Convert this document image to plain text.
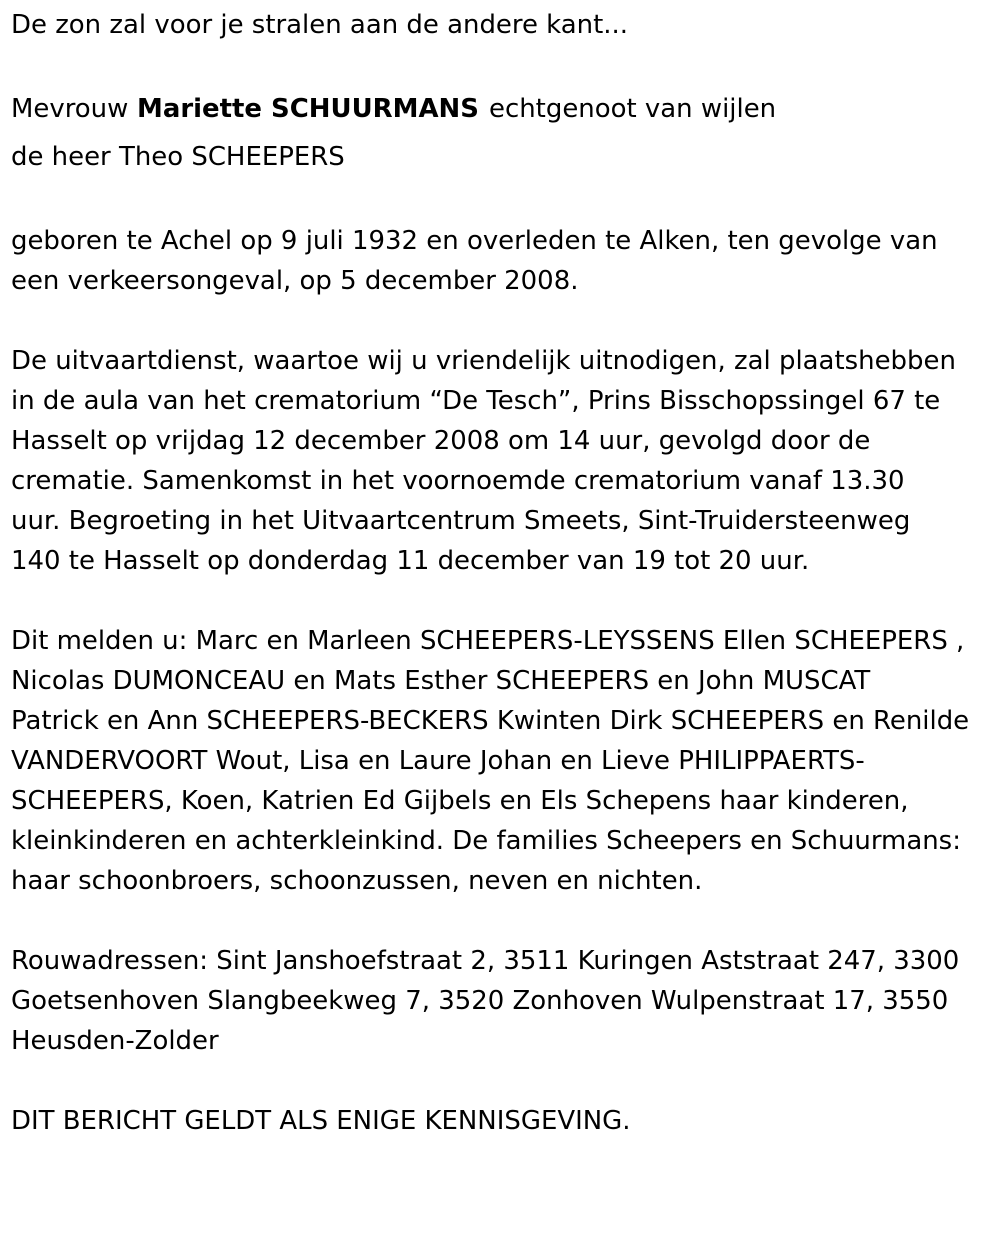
De zon zal voor je stralen aan de andere kant...
Mevrouw Mariette SCHUURMANS echtgenoot van wijlen de heer Theo SCHEEPERS
geboren te Achel op 9 juli 1932 en overleden te Alken, ten gevolge van een verkeersongeval, op 5 december 2008.
De uitvaartdienst, waartoe wij u vriendelijk uitnodigen, zal plaatshebben in de aula van het crematorium “De Tesch”, Prins Bisschopssingel 67 te Hasselt op vrijdag 12 december 2008 om 14 uur, gevolgd door de crematie. Samenkomst in het voornoemde crematorium vanaf 13.30 uur. Begroeting in het Uitvaartcentrum Smeets, Sint-Truidersteenweg 140 te Hasselt op donderdag 11 december van 19 tot 20 uur.
Dit melden u: Marc en Marleen SCHEEPERS-LEYSSENS Ellen SCHEEPERS , Nicolas DUMONCEAU en Mats Esther SCHEEPERS en John MUSCAT Patrick en Ann SCHEEPERS-BECKERS Kwinten Dirk SCHEEPERS en Renilde VANDERVOORT Wout, Lisa en Laure Johan en Lieve PHILIPPAERTS- SCHEEPERS, Koen, Katrien Ed Gijbels en Els Schepens haar kinderen, kleinkinderen en achterkleinkind. De families Scheepers en Schuurmans: haar schoonbroers, schoonzussen, neven en nichten.
Rouwadressen: Sint Janshoefstraat 2, 3511 Kuringen Aststraat 247, 3300 Goetsenhoven Slangbeekweg 7, 3520 Zonhoven Wulpenstraat 17, 3550 Heusden-Zolder
DIT BERICHT GELDT ALS ENIGE KENNISGEVING.
